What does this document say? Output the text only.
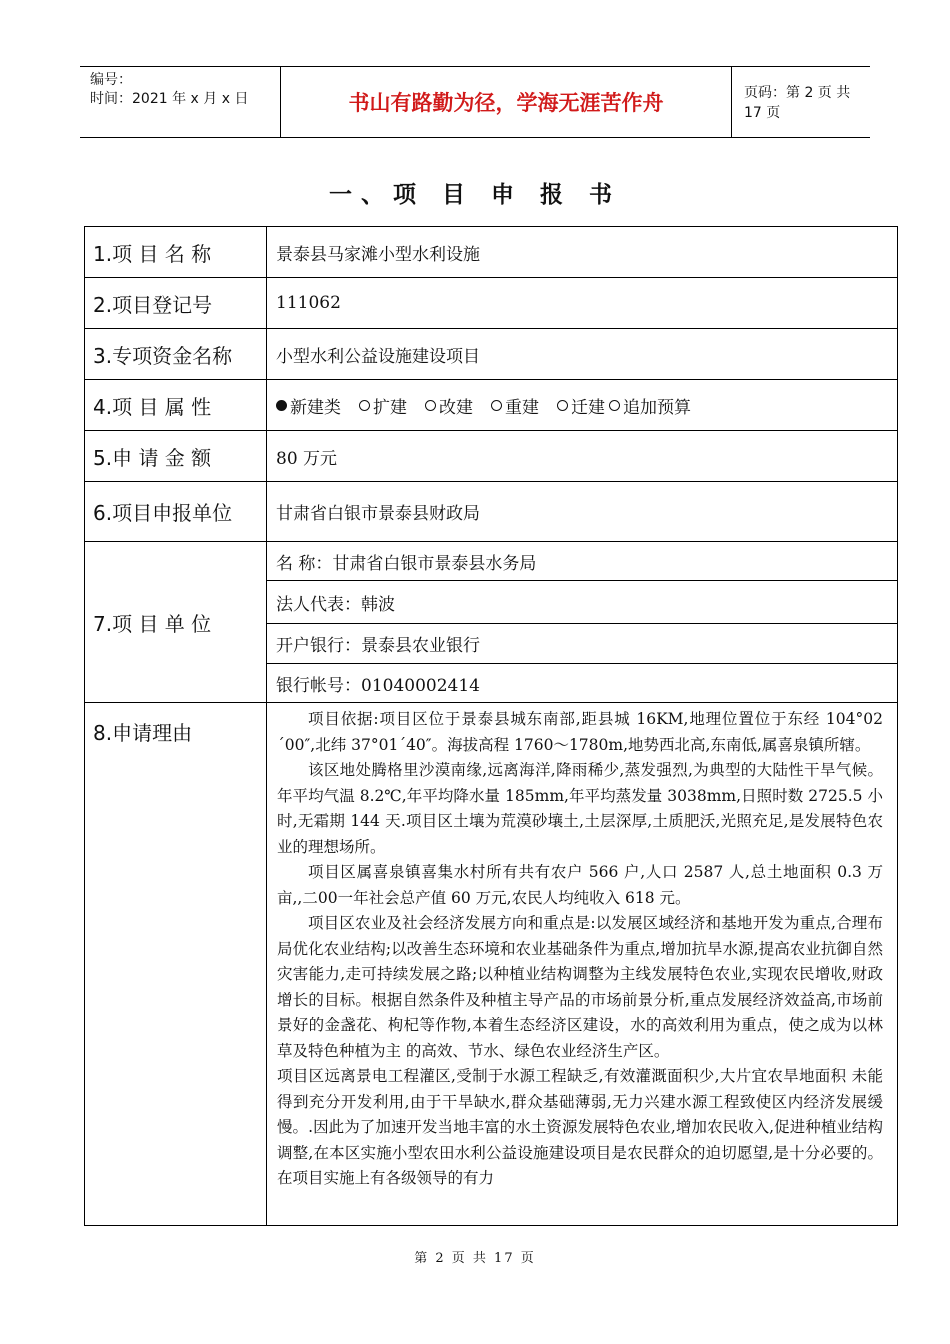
编号：
时间：2021 年 x 月 x 日	书山有路勤为径，学海无涯苦作舟	页码：第 2 页 共 17 页
一、项 目 申 报 书
1.项 目 名 称	景泰县马家滩小型水利设施
2.项目登记号	111062
3.专项资金名称	小型水利公益设施建设项目
4.项 目 属 性	新建类 扩建 改建 重建 迁建 追加预算
5.申 请 金 额	80 万元
6.项目申报单位	甘肃省白银市景泰县财政局
7.项 目 单 位
名 称：甘肃省白银市景泰县水务局
法人代表：韩波
开户银行：景泰县农业银行
银行帐号：01040002414
8.申请理由

项目依据:项目区位于景泰县城东南部,距县城 16KM,地理位置位于东经 104°02´00″,北纬 37°01´40″。海拔高程 1760～1780m,地势西北高,东南低,属喜泉镇所辖。

该区地处腾格里沙漠南缘,远离海洋,降雨稀少,蒸发强烈,为典型的大陆性干旱气候。年平均气温 8.2℃,年平均降水量 185mm,年平均蒸发量 3038mm,日照时数 2725.5 小时,无霜期 144 天.项目区土壤为荒漠砂壤土,土层深厚,土质肥沃,光照充足,是发展特色农业的理想场所。

项目区属喜泉镇喜集水村所有共有农户 566 户,人口 2587 人,总土地面积 0.3 万亩,,二00一年社会总产值 60 万元,农民人均纯收入 618 元。

项目区农业及社会经济发展方向和重点是:以发展区域经济和基地开发为重点,合理布局优化农业结构;以改善生态环境和农业基础条件为重点,增加抗旱水源,提高农业抗御自然灾害能力,走可持续发展之路;以种植业结构调整为主线发展特色农业,实现农民增收,财政增长的目标。根据自然条件及种植主导产品的市场前景分析,重点发展经济效益高,市场前景好的金盏花、枸杞等作物,本着生态经济区建设，水的高效利用为重点，使之成为以林草及特色种植为主 的高效、节水、绿色农业经济生产区。

项目区远离景电工程灌区,受制于水源工程缺乏,有效灌溉面积少,大片宜农旱地面积 未能得到充分开发利用,由于干旱缺水,群众基础薄弱,无力兴建水源工程致使区内经济发展缓慢。.因此为了加速开发当地丰富的水土资源发展特色农业,增加农民收入,促进种植业结构调整,在本区实施小型农田水利公益设施建设项目是农民群众的迫切愿望,是十分必要的。在项目实施上有各级领导的有力

第 2 页 共 17 页
